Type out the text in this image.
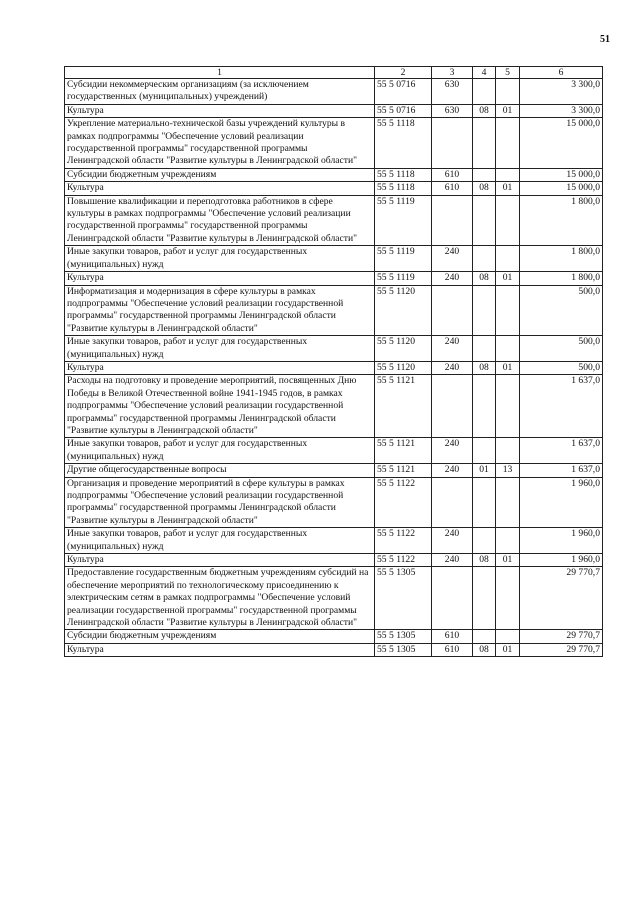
51
1	2	3	4	5	6
Субсидии некоммерческим организациям (за исключением государственных (муниципальных) учреждений)	55 5 0716	630			3 300,0
Культура	55 5 0716	630	08	01	3 300,0
Укрепление материально-технической базы учреждений культуры в рамках подпрограммы "Обеспечение условий реализации государственной программы" государственной программы Ленинградской области "Развитие культуры в Ленинградской области"	55 5 1118				15 000,0
Субсидии бюджетным учреждениям	55 5 1118	610			15 000,0
Культура	55 5 1118	610	08	01	15 000,0
Повышение квалификации и переподготовка работников в сфере культуры в рамках подпрограммы "Обеспечение условий реализации государственной программы" государственной программы Ленинградской области "Развитие культуры в Ленинградской области"	55 5 1119				1 800,0
Иные закупки товаров, работ и услуг для государственных (муниципальных) нужд	55 5 1119	240			1 800,0
Культура	55 5 1119	240	08	01	1 800,0
Информатизация и модернизация в сфере культуры в рамках подпрограммы "Обеспечение условий реализации государственной программы" государственной программы Ленинградской области "Развитие культуры в Ленинградской области"	55 5 1120				500,0
Иные закупки товаров, работ и услуг для государственных (муниципальных) нужд	55 5 1120	240			500,0
Культура	55 5 1120	240	08	01	500,0
Расходы на подготовку и проведение мероприятий, посвященных Дню Победы в Великой Отечественной войне 1941-1945 годов, в рамках подпрограммы "Обеспечение условий реализации государственной программы" государственной программы Ленинградской области "Развитие культуры в Ленинградской области"	55 5 1121				1 637,0
Иные закупки товаров, работ и услуг для государственных (муниципальных) нужд	55 5 1121	240			1 637,0
Другие общегосударственные вопросы	55 5 1121	240	01	13	1 637,0
Организация и проведение мероприятий в сфере культуры в рамках подпрограммы "Обеспечение условий реализации государственной программы" государственной программы Ленинградской области "Развитие культуры в Ленинградской области"	55 5 1122				1 960,0
Иные закупки товаров, работ и услуг для государственных (муниципальных) нужд	55 5 1122	240			1 960,0
Культура	55 5 1122	240	08	01	1 960,0
Предоставление государственным бюджетным учреждениям субсидий на обеспечение мероприятий по технологическому присоединению к электрическим сетям в рамках подпрограммы "Обеспечение условий реализации государственной программы" государственной программы Ленинградской области "Развитие культуры в Ленинградской области"	55 5 1305				29 770,7
Субсидии бюджетным учреждениям	55 5 1305	610			29 770,7
Культура	55 5 1305	610	08	01	29 770,7
